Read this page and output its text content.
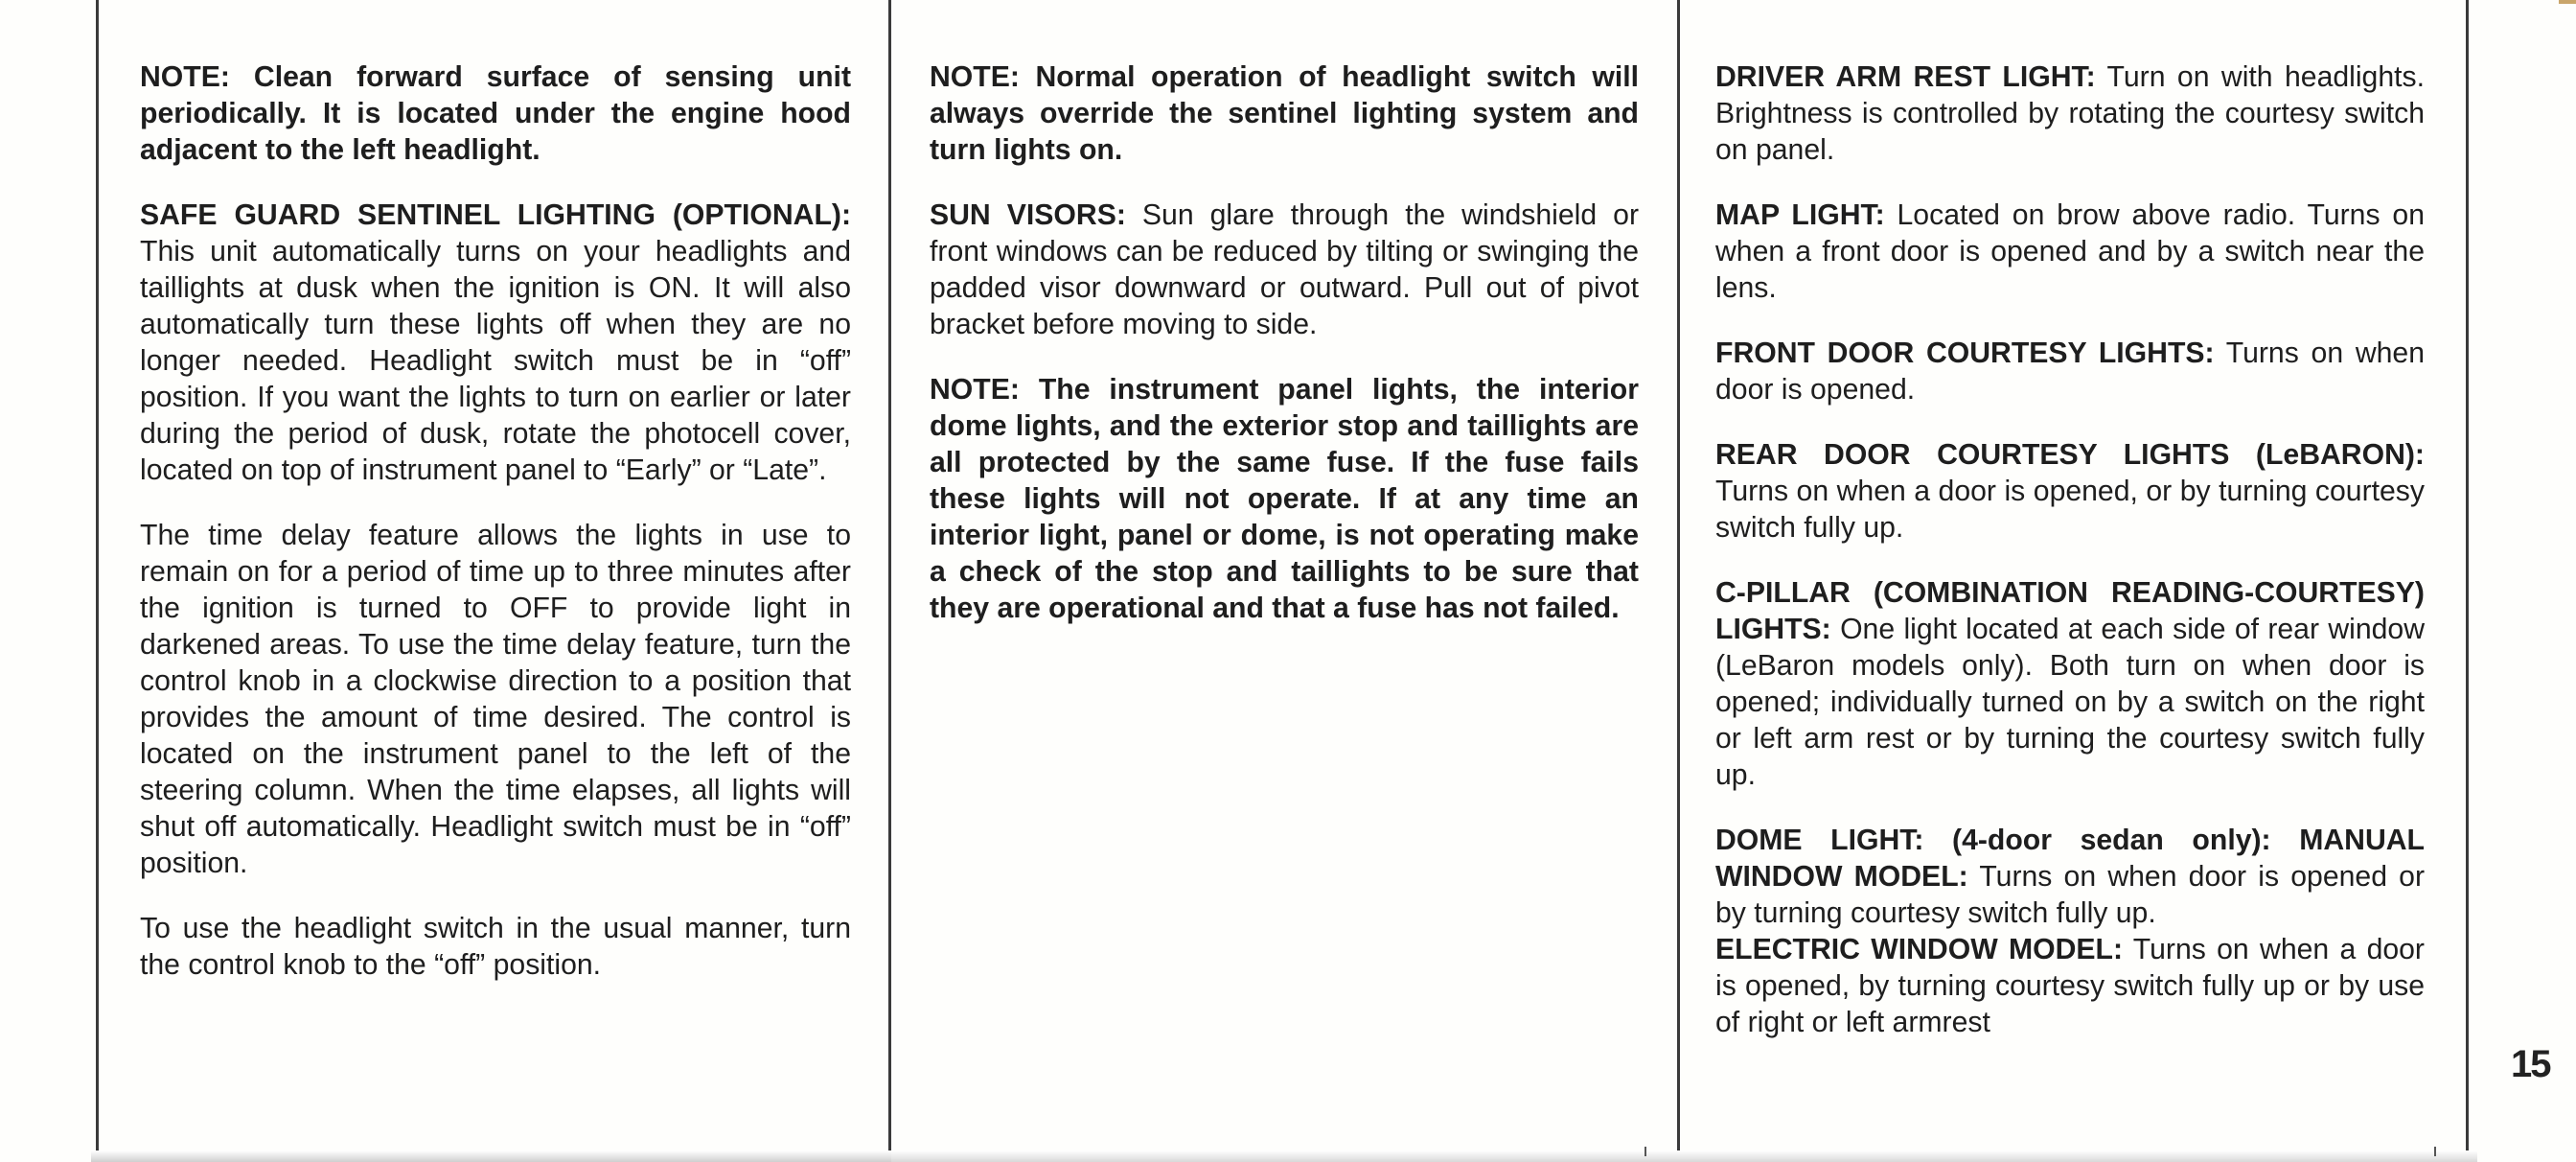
NOTE: Clean forward surface of sensing unit periodically. It is located under the engine hood adjacent to the left headlight.

SAFE GUARD SENTINEL LIGHTING (OPTIONAL): This unit automatically turns on your headlights and taillights at dusk when the ignition is ON. It will also automatically turn these lights off when they are no longer needed. Headlight switch must be in “off” position. If you want the lights to turn on earlier or later during the period of dusk, rotate the photocell cover, located on top of instrument panel to “Early” or “Late”.

The time delay feature allows the lights in use to remain on for a period of time up to three minutes after the ignition is turned to OFF to provide light in darkened areas. To use the time delay feature, turn the control knob in a clockwise direction to a position that provides the amount of time desired. The control is located on the instrument panel to the left of the steering column. When the time elapses, all lights will shut off automatically. Headlight switch must be in “off” position.

To use the headlight switch in the usual manner, turn the control knob to the “off” position.

NOTE: Normal operation of headlight switch will always override the sentinel lighting system and turn lights on.

SUN VISORS: Sun glare through the windshield or front windows can be reduced by tilting or swinging the padded visor downward or outward. Pull out of pivot bracket before moving to side.

NOTE: The instrument panel lights, the interior dome lights, and the exterior stop and taillights are all protected by the same fuse. If the fuse fails these lights will not operate. If at any time an interior light, panel or dome, is not operating make a check of the stop and taillights to be sure that they are operational and that a fuse has not failed.

DRIVER ARM REST LIGHT: Turn on with headlights. Brightness is controlled by rotating the courtesy switch on panel.

MAP LIGHT: Located on brow above radio. Turns on when a front door is opened and by a switch near the lens.

FRONT DOOR COURTESY LIGHTS: Turns on when door is opened.

REAR DOOR COURTESY LIGHTS (LeBARON): Turns on when a door is opened, or by turning courtesy switch fully up.

C-PILLAR (COMBINATION READING-COURTESY) LIGHTS: One light located at each side of rear window (LeBaron models only). Both turn on when door is opened; individually turned on by a switch on the right or left arm rest or by turning the courtesy switch fully up.

DOME LIGHT: (4-door sedan only): MANUAL WINDOW MODEL: Turns on when door is opened or by turning courtesy switch fully up.
ELECTRIC WINDOW MODEL: Turns on when a door is opened, by turning courtesy switch fully up or by use of right or left armrest

15
